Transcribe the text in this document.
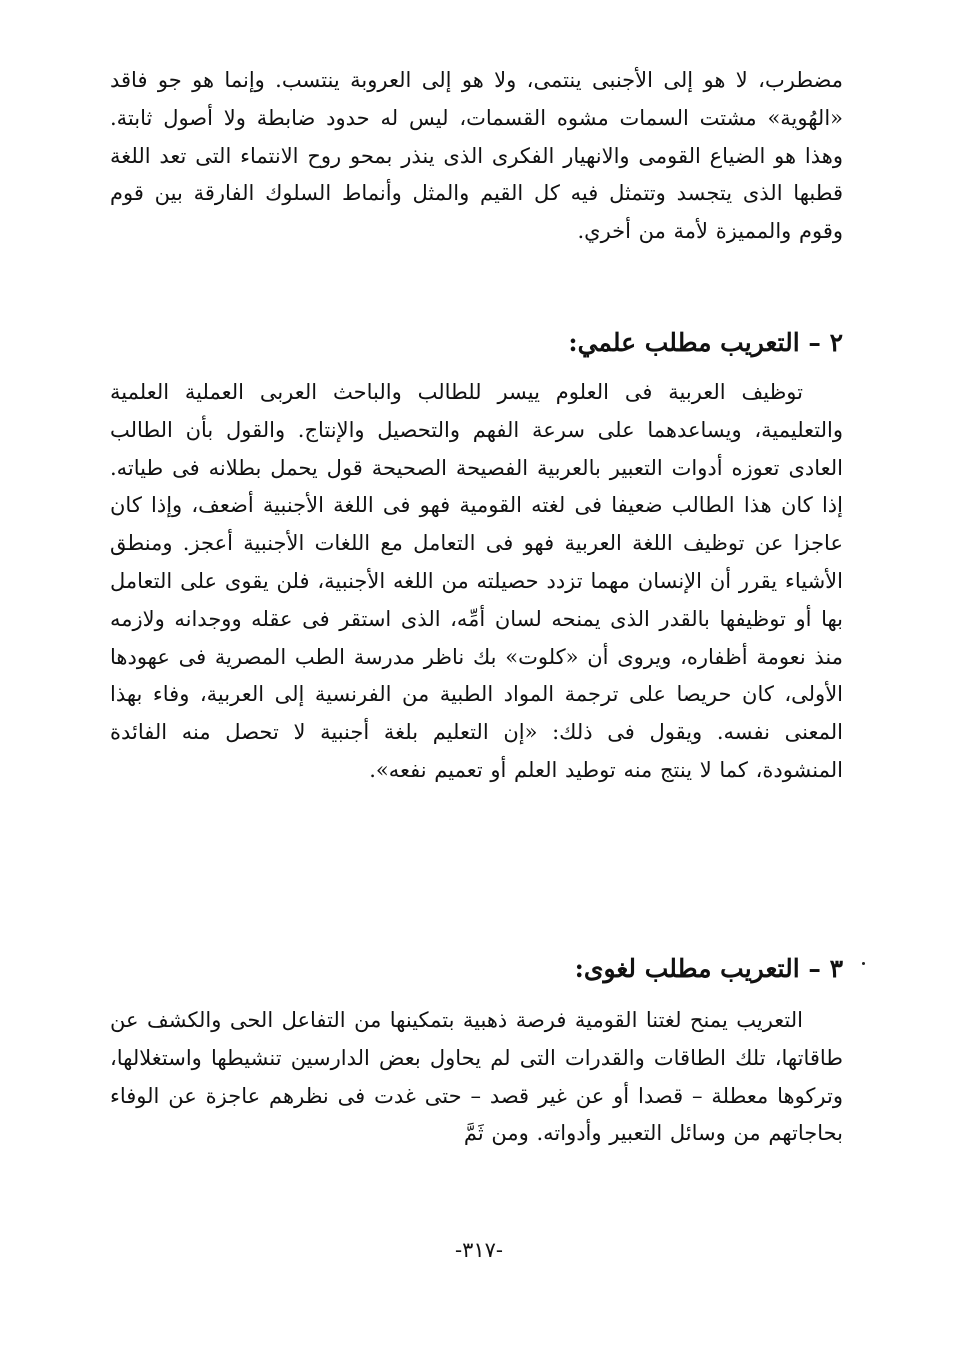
مضطرب، لا هو إلى الأجنبى ينتمى، ولا هو إلى العروبة ينتسب. وإنما هو جو فاقد «الهُوية» مشتت السمات مشوه القسمات، ليس له حدود ضابطة ولا أصول ثابتة. وهذا هو الضياع القومى والانهيار الفكرى الذى ينذر بمحو روح الانتماء التى تعد اللغة قطبها الذى يتجسد وتتمثل فيه كل القيم والمثل وأنماط السلوك الفارقة بين قوم وقوم والمميزة لأمة من أخري.

٢ – التعريب مطلب علمي:

توظيف العربية فى العلوم ييسر للطالب والباحث العربى العملية العلمية والتعليمية، ويساعدهما على سرعة الفهم والتحصيل والإنتاج. والقول بأن الطالب العادى تعوزه أدوات التعبير بالعربية الفصيحة الصحيحة قول يحمل بطلانه فى طياته. إذا كان هذا الطالب ضعيفا فى لغته القومية فهو فى اللغة الأجنبية أضعف، وإذا كان عاجزا عن توظيف اللغة العربية فهو فى التعامل مع اللغات الأجنبية أعجز. ومنطق الأشياء يقرر أن الإنسان مهما تزدد حصيلته من اللغه الأجنبية، فلن يقوى على التعامل بها أو توظيفها بالقدر الذى يمنحه لسان أمِّه، الذى استقر فى عقله ووجدانه ولازمه منذ نعومة أظفاره، ويروى أن «كلوت» بك ناظر مدرسة الطب المصرية فى عهودها الأولى، كان حريصا على ترجمة المواد الطبية من الفرنسية إلى العربية، وفاء بهذا المعنى نفسه. ويقول فى ذلك: «إن التعليم بلغة أجنبية لا تحصل منه الفائدة المنشودة، كما لا ينتج منه توطيد العلم أو تعميم نفعه».

٣ – التعريب مطلب لغوى:

التعريب يمنح لغتنا القومية فرصة ذهبية بتمكينها من التفاعل الحى والكشف عن طاقاتها، تلك الطاقات والقدرات التى لم يحاول بعض الدارسين تنشيطها واستغلالها، وتركوها معطلة – قصدا أو عن غير قصد – حتى غدت فى نظرهم عاجزة عن الوفاء بحاجاتهم من وسائل التعبير وأدواته. ومن ثَمَّ

-٣١٧-
